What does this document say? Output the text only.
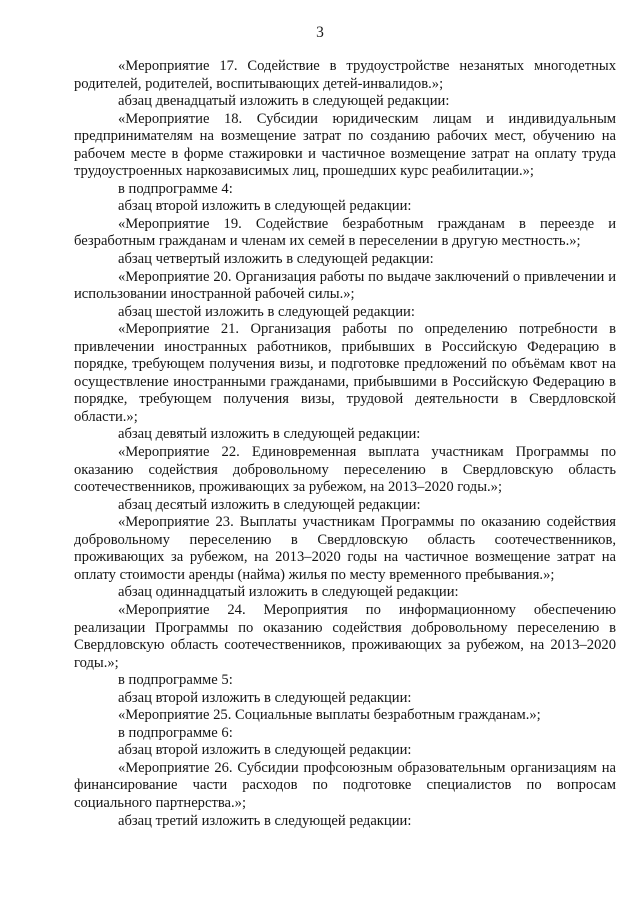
3

«Мероприятие 17. Содействие в трудоустройстве незанятых многодетных родителей, родителей, воспитывающих детей-инвалидов.»;

абзац двенадцатый изложить в следующей редакции:

«Мероприятие 18. Субсидии юридическим лицам и индивидуальным предпринимателям на возмещение затрат по созданию рабочих мест, обучению на рабочем месте в форме стажировки и частичное возмещение затрат на оплату труда трудоустроенных наркозависимых лиц, прошедших курс реабилитации.»;

в подпрограмме 4:

абзац второй изложить в следующей редакции:

«Мероприятие 19. Содействие безработным гражданам в переезде и безработным гражданам и членам их семей в переселении в другую местность.»;

абзац четвертый изложить в следующей редакции:

«Мероприятие 20. Организация работы по выдаче заключений о привлечении и использовании иностранной рабочей силы.»;

абзац шестой изложить в следующей редакции:

«Мероприятие 21. Организация работы по определению потребности в привлечении иностранных работников, прибывших в Российскую Федерацию в порядке, требующем получения визы, и подготовке предложений по объёмам квот на осуществление иностранными гражданами, прибывшими в Российскую Федерацию в порядке, требующем получения визы, трудовой деятельности в Свердловской области.»;

абзац девятый изложить в следующей редакции:

«Мероприятие 22. Единовременная выплата участникам Программы по оказанию содействия добровольному переселению в Свердловскую область соотечественников, проживающих за рубежом, на 2013–2020 годы.»;

абзац десятый изложить в следующей редакции:

«Мероприятие 23. Выплаты участникам Программы по оказанию содействия добровольному переселению в Свердловскую область соотечественников, проживающих за рубежом, на 2013–2020 годы на частичное возмещение затрат на оплату стоимости аренды (найма) жилья по месту временного пребывания.»;

абзац одиннадцатый изложить в следующей редакции:

«Мероприятие 24. Мероприятия по информационному обеспечению реализации Программы по оказанию содействия добровольному переселению в Свердловскую область соотечественников, проживающих за рубежом, на 2013–2020 годы.»;

в подпрограмме 5:

абзац второй изложить в следующей редакции:

«Мероприятие 25. Социальные выплаты безработным гражданам.»;

в подпрограмме 6:

абзац второй изложить в следующей редакции:

«Мероприятие 26. Субсидии профсоюзным образовательным организациям на финансирование части расходов по подготовке специалистов по вопросам социального партнерства.»;

абзац третий изложить в следующей редакции:
